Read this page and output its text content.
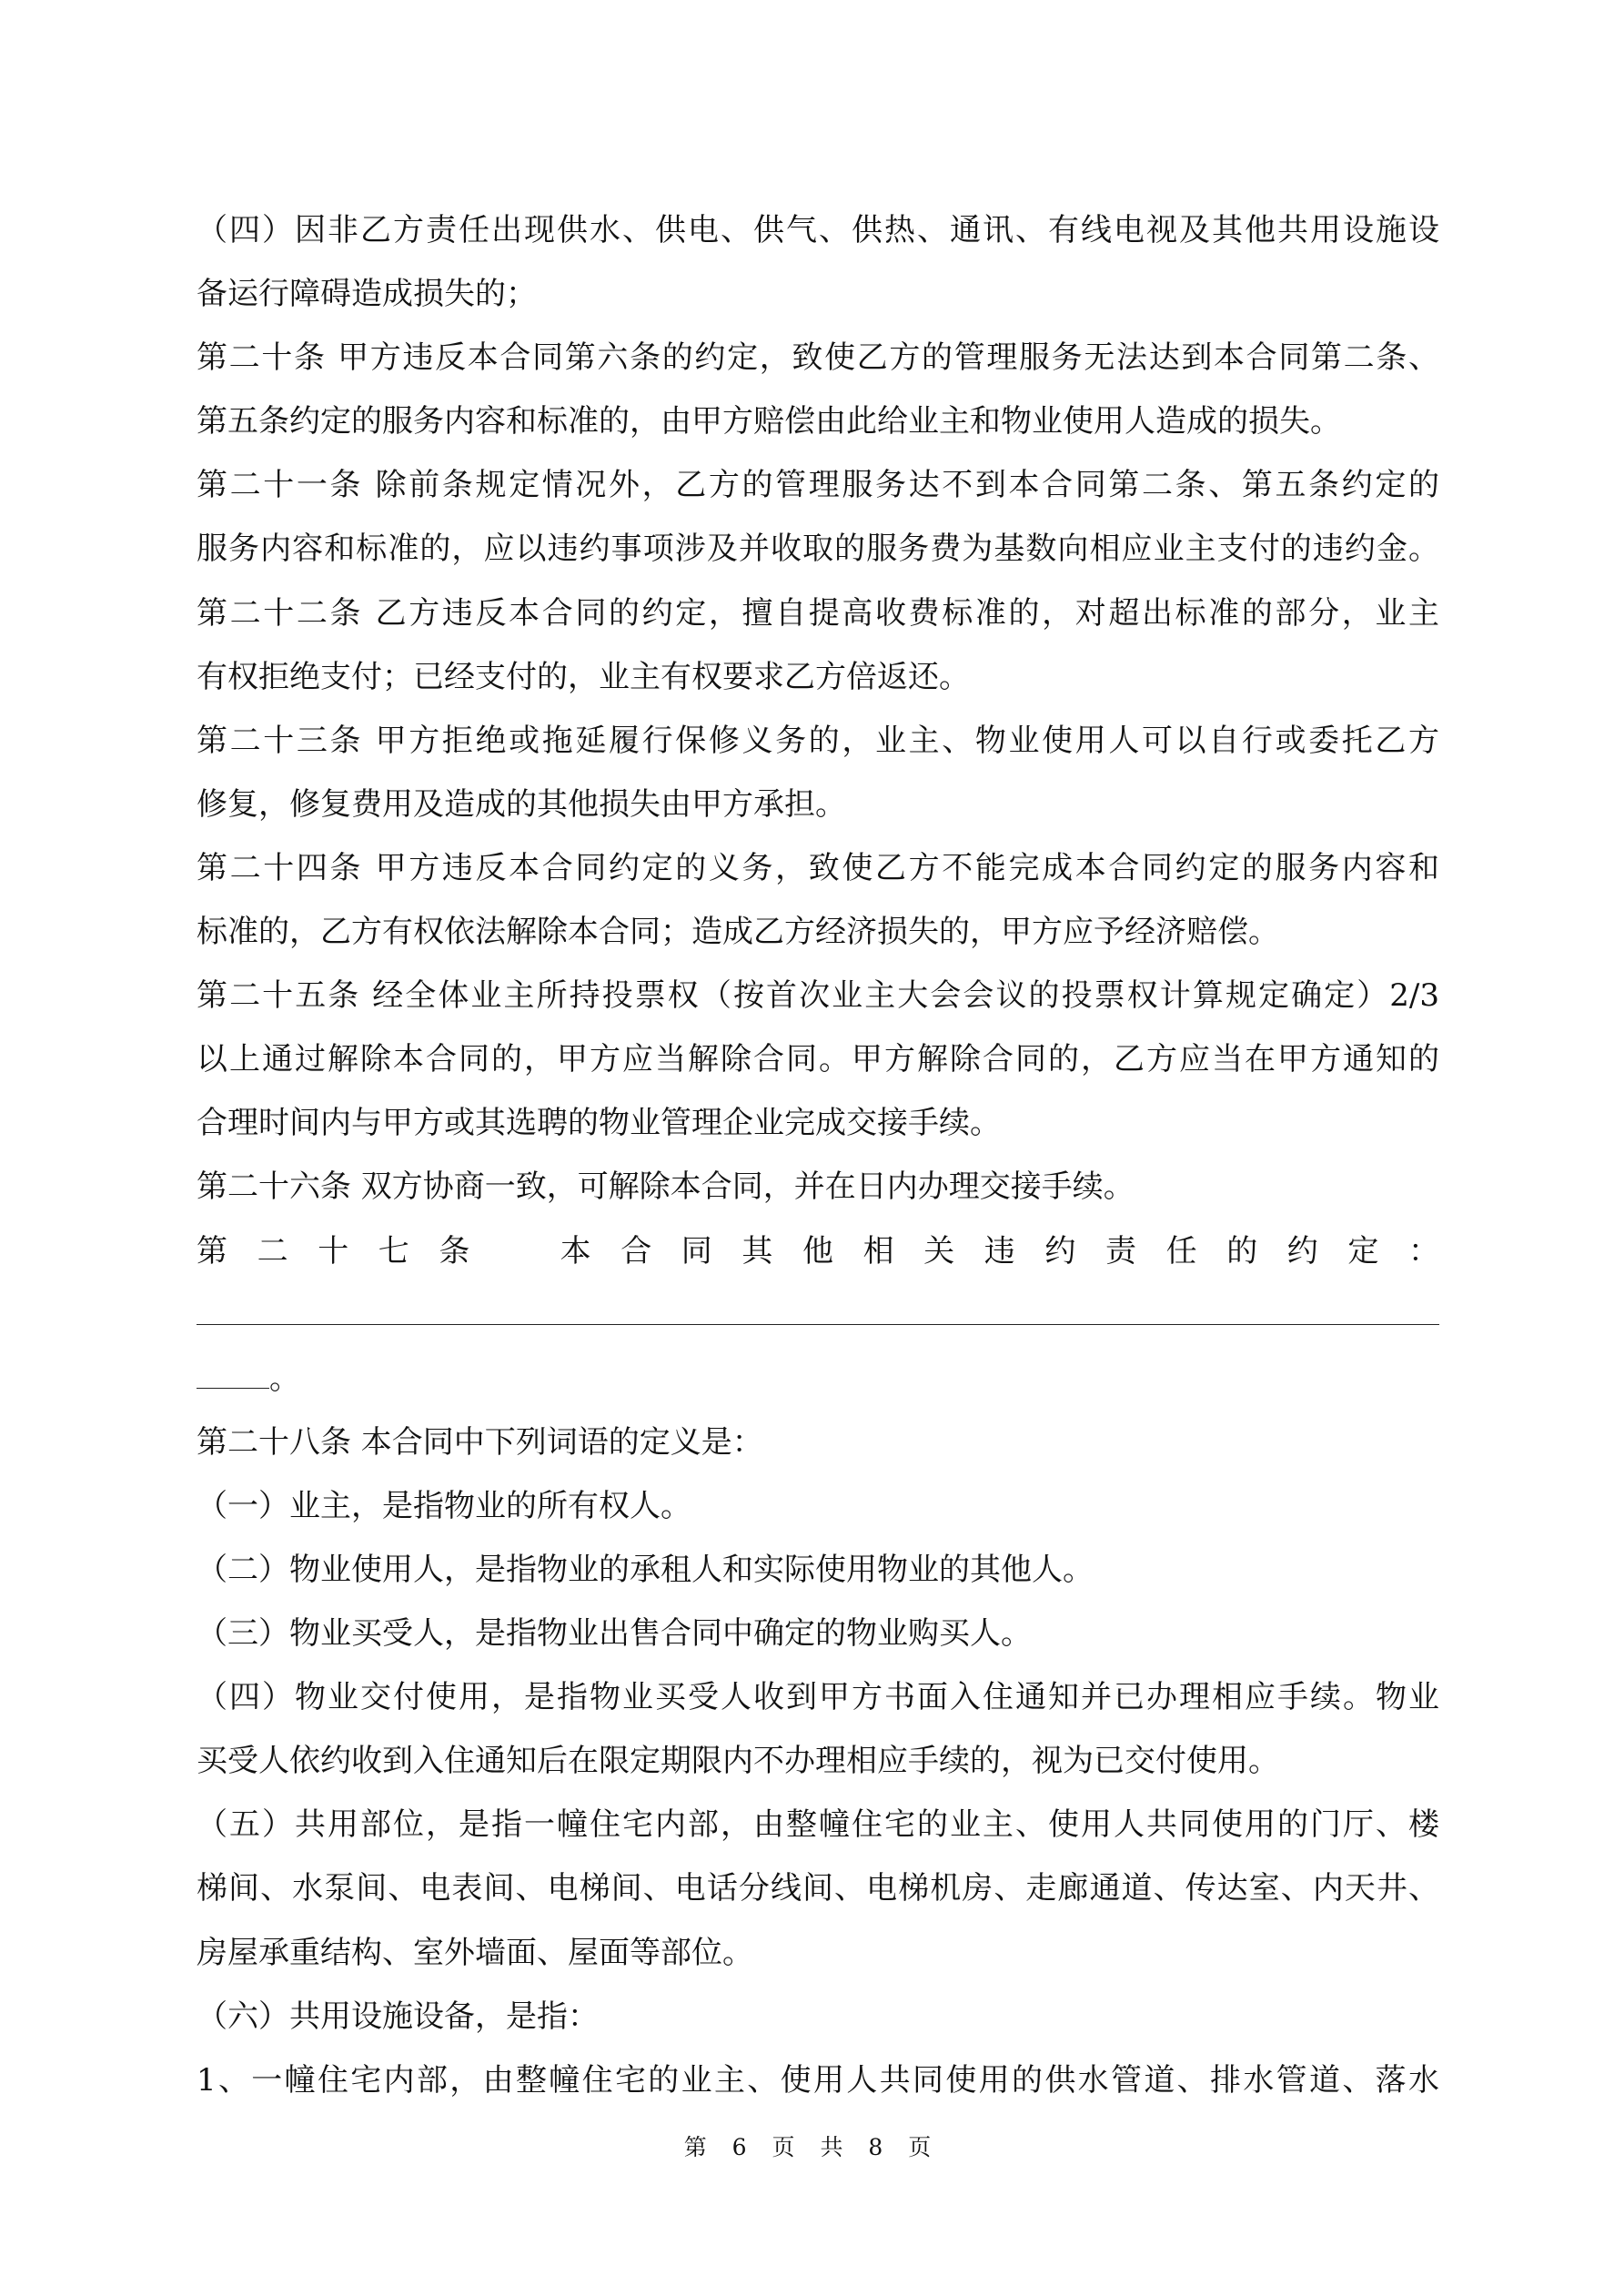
（四）因非乙方责任出现供水、供电、供气、供热、通讯、有线电视及其他共用设施设
备运行障碍造成损失的；
第二十条 甲方违反本合同第六条的约定，致使乙方的管理服务无法达到本合同第二条、
第五条约定的服务内容和标准的，由甲方赔偿由此给业主和物业使用人造成的损失。
第二十一条 除前条规定情况外，乙方的管理服务达不到本合同第二条、第五条约定的
服务内容和标准的，应以违约事项涉及并收取的服务费为基数向相应业主支付的违约金。
第二十二条 乙方违反本合同的约定，擅自提高收费标准的，对超出标准的部分，业主
有权拒绝支付；已经支付的，业主有权要求乙方倍返还。
第二十三条 甲方拒绝或拖延履行保修义务的，业主、物业使用人可以自行或委托乙方
修复，修复费用及造成的其他损失由甲方承担。
第二十四条 甲方违反本合同约定的义务，致使乙方不能完成本合同约定的服务内容和
标准的，乙方有权依法解除本合同；造成乙方经济损失的，甲方应予经济赔偿。
第二十五条 经全体业主所持投票权（按首次业主大会会议的投票权计算规定确定）2/3
以上通过解除本合同的，甲方应当解除合同。甲方解除合同的，乙方应当在甲方通知的
合理时间内与甲方或其选聘的物业管理企业完成交接手续。
第二十六条 双方协商一致，可解除本合同，并在日内办理交接手续。
第 二 十 七 条 　 本 合 同 其 他 相 关 违 约 责 任 的 约 定 ：
。
第二十八条 本合同中下列词语的定义是：
（一）业主，是指物业的所有权人。
（二）物业使用人，是指物业的承租人和实际使用物业的其他人。
（三）物业买受人，是指物业出售合同中确定的物业购买人。
（四）物业交付使用，是指物业买受人收到甲方书面入住通知并已办理相应手续。物业
买受人依约收到入住通知后在限定期限内不办理相应手续的，视为已交付使用。
（五）共用部位，是指一幢住宅内部，由整幢住宅的业主、使用人共同使用的门厅、楼
梯间、水泵间、电表间、电梯间、电话分线间、电梯机房、走廊通道、传达室、内天井、
房屋承重结构、室外墙面、屋面等部位。
（六）共用设施设备，是指：
1、一幢住宅内部，由整幢住宅的业主、使用人共同使用的供水管道、排水管道、落水
第 6 页 共 8 页
